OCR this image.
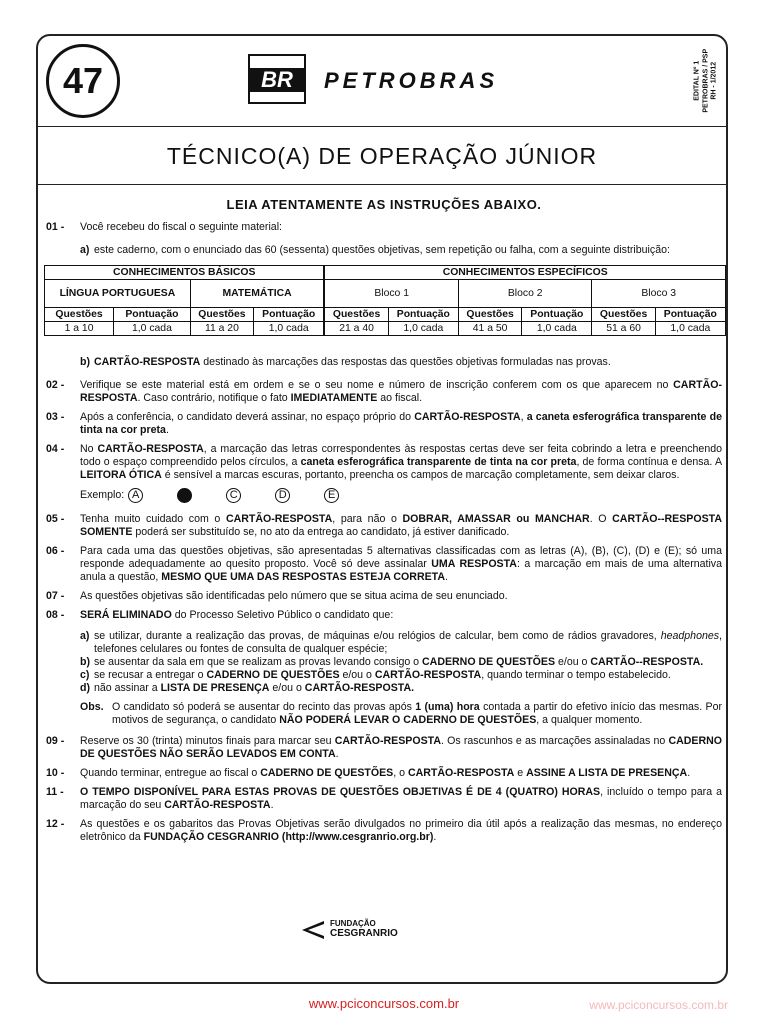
47	BR	PETROBRAS	EDITAL Nº 1 PETROBRAS / PSP RH - 1/2012
TÉCNICO(A) DE OPERAÇÃO JÚNIOR
LEIA ATENTAMENTE AS INSTRUÇÕES ABAIXO.
01 -	Você recebeu do fiscal o seguinte material:
a) este caderno, com o enunciado das 60 (sessenta) questões objetivas, sem repetição ou falha, com a seguinte distribuição:
CONHECIMENTOS BÁSICOS				CONHECIMENTOS ESPECÍFICOS					
LÍNGUA PORTUGUESA		MATEMÁTICA		Bloco 1		Bloco 2		Bloco 3	
Questões	Pontuação	Questões	Pontuação	Questões	Pontuação	Questões	Pontuação	Questões	Pontuação
1 a 10	1,0 cada	11 a 20	1,0 cada	21 a 40	1,0 cada	41 a 50	1,0 cada	51 a 60	1,0 cada
b) CARTÃO-RESPOSTA destinado às marcações das respostas das questões objetivas formuladas nas provas.
02 -	Verifique se este material está em ordem e se o seu nome e número de inscrição conferem com os que aparecem no CARTÃO-RESPOSTA. Caso contrário, notifique o fato IMEDIATAMENTE ao fiscal.
03 -	Após a conferência, o candidato deverá assinar, no espaço próprio do CARTÃO-RESPOSTA, a caneta esferográfica transparente de tinta na cor preta.
04 -	No CARTÃO-RESPOSTA, a marcação das letras correspondentes às respostas certas deve ser feita cobrindo a letra e preenchendo todo o espaço compreendido pelos círculos, a caneta esferográfica transparente de tinta na cor preta, de forma contínua e densa. A LEITORA ÓTICA é sensível a marcas escuras, portanto, preencha os campos de marcação completamente, sem deixar claros.
Exemplo: A	C	D	E
05 -	Tenha muito cuidado com o CARTÃO-RESPOSTA, para não o DOBRAR, AMASSAR ou MANCHAR. O CARTÃO--RESPOSTA SOMENTE poderá ser substituído se, no ato da entrega ao candidato, já estiver danificado.
06 -	Para cada uma das questões objetivas, são apresentadas 5 alternativas classificadas com as letras (A), (B), (C), (D) e (E); só uma responde adequadamente ao quesito proposto. Você só deve assinalar UMA RESPOSTA: a marcação em mais de uma alternativa anula a questão, MESMO QUE UMA DAS RESPOSTAS ESTEJA CORRETA.
07 -	As questões objetivas são identificadas pelo número que se situa acima de seu enunciado.
08 -	SERÁ ELIMINADO do Processo Seletivo Público o candidato que:
a) se utilizar, durante a realização das provas, de máquinas e/ou relógios de calcular, bem como de rádios gravadores, headphones, telefones celulares ou fontes de consulta de qualquer espécie;
b) se ausentar da sala em que se realizam as provas levando consigo o CADERNO DE QUESTÕES e/ou o CARTÃO--RESPOSTA.
c) se recusar a entregar o CADERNO DE QUESTÕES e/ou o CARTÃO-RESPOSTA, quando terminar o tempo estabelecido.
d) não assinar a LISTA DE PRESENÇA e/ou o CARTÃO-RESPOSTA.
Obs. O candidato só poderá se ausentar do recinto das provas após 1 (uma) hora contada a partir do efetivo início das mesmas. Por motivos de segurança, o candidato NÃO PODERÁ LEVAR O CADERNO DE QUESTÕES, a qualquer momento.
09 -	Reserve os 30 (trinta) minutos finais para marcar seu CARTÃO-RESPOSTA. Os rascunhos e as marcações assinaladas no CADERNO DE QUESTÕES NÃO SERÃO LEVADOS EM CONTA.
10 -	Quando terminar, entregue ao fiscal o CADERNO DE QUESTÕES, o CARTÃO-RESPOSTA e ASSINE A LISTA DE PRESENÇA.
11 -	O TEMPO DISPONÍVEL PARA ESTAS PROVAS DE QUESTÕES OBJETIVAS É DE 4 (QUATRO) HORAS, incluído o tempo para a marcação do seu CARTÃO-RESPOSTA.
12 -	As questões e os gabaritos das Provas Objetivas serão divulgados no primeiro dia útil após a realização das mesmas, no endereço eletrônico da FUNDAÇÃO CESGRANRIO (http://www.cesgranrio.org.br).
FUNDAÇÃO
CESGRANRIO
www.pciconcursos.com.br	www.pciconcursos.com.br
